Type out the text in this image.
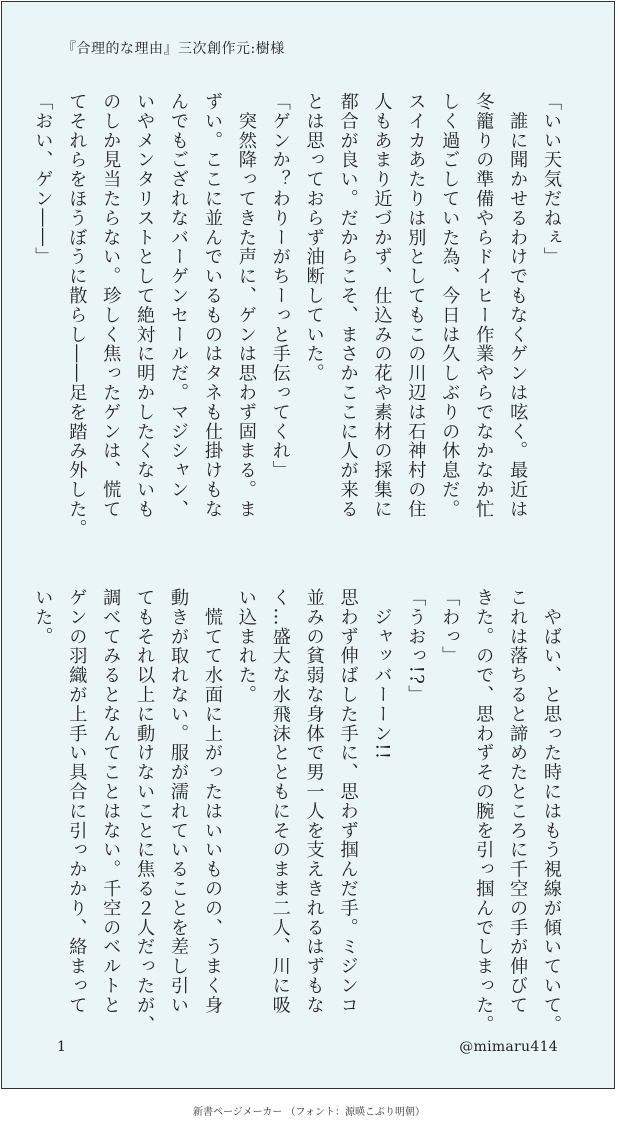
『合理的な理由』三次創作元:樹様
「いい天気だねぇ」
　誰に聞かせるわけでもなくゲンは呟く。最近は
冬籠りの準備やらドイヒー作業やらでなかなか忙
しく過ごしていた為、今日は久しぶりの休息だ。
スイカあたりは別としてもこの川辺は石神村の住
人もあまり近づかず、仕込みの花や素材の採集に
都合が良い。だからこそ、まさかここに人が来る
とは思っておらず油断していた。
「ゲンか？わりーがちーっと手伝ってくれ」
　突然降ってきた声に、ゲンは思わず固まる。ま
ずい。ここに並んでいるものはタネも仕掛けもな
んでもござれなバーゲンセールだ。マジシャン、
いやメンタリストとして絶対に明かしたくないも
のしか見当たらない。珍しく焦ったゲンは、慌て
てそれらをほうぼうに散らし――足を踏み外した。
「おい、ゲン――」
　やばい、と思った時にはもう視線が傾いていて。
これは落ちると諦めたところに千空の手が伸びて
きた。ので、思わずその腕を引っ掴んでしまった。
「わっ」
「うおっ!?」
　ジャッバーーン!!
思わず伸ばした手に、思わず掴んだ手。ミジンコ
並みの貧弱な身体で男一人を支えきれるはずもな
く…盛大な水飛沫とともにそのまま二人、川に吸
い込まれた。
　慌てて水面に上がったはいいものの、うまく身
動きが取れない。服が濡れていることを差し引い
てもそれ以上に動けないことに焦る２人だったが、
調べてみるとなんてことはない。千空のベルトと
ゲンの羽織が上手い具合に引っかかり、絡まって
いた。
1	@mimaru414
新書ページメーカー （フォント：源暎こぶり明朝）
